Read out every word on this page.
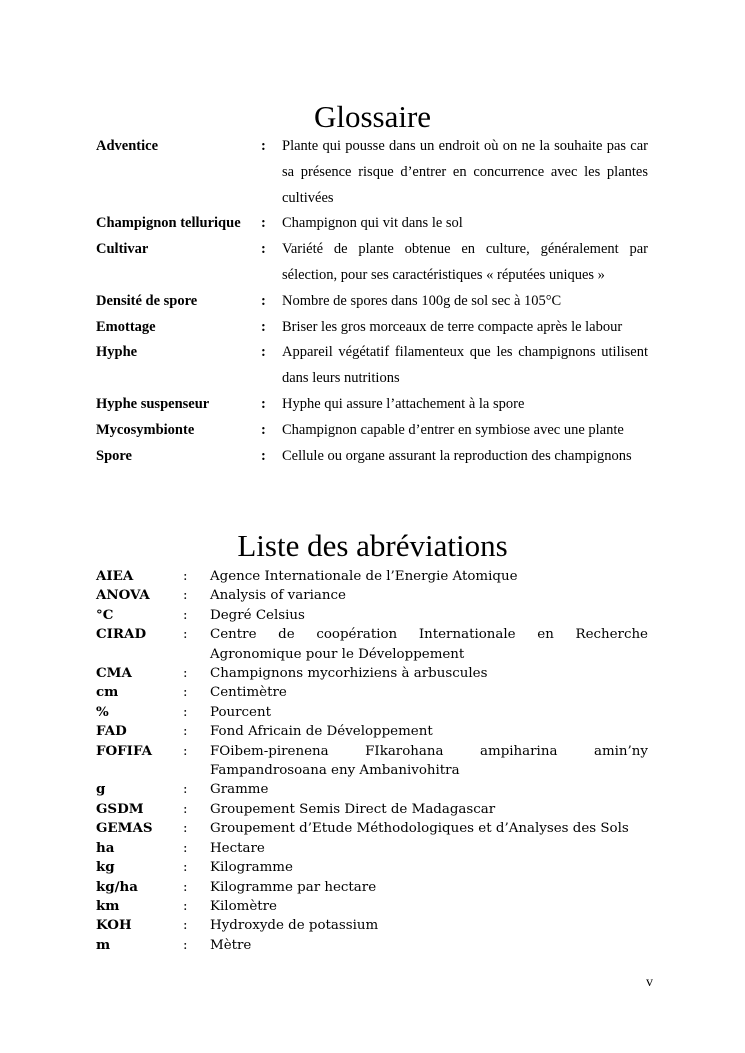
Glossaire
Adventice	:	Plante qui pousse dans un endroit où on ne la souhaite pas car sa présence risque d’entrer en concurrence avec les plantes cultivées
Champignon tellurique	:	Champignon qui vit dans le sol
Cultivar	:	Variété de plante obtenue en culture, généralement par sélection, pour ses caractéristiques « réputées uniques »
Densité de spore	:	Nombre de spores dans 100g de sol sec à 105°C
Emottage	:	Briser les gros morceaux de terre compacte après le labour
Hyphe	:	Appareil végétatif filamenteux que les champignons utilisent dans leurs nutritions
Hyphe suspenseur	:	Hyphe qui assure l’attachement à la spore
Mycosymbionte	:	Champignon capable d’entrer en symbiose avec une plante
Spore	:	Cellule ou organe assurant la reproduction des champignons
Liste des abréviations
AIEA	:	Agence Internationale de l’Energie Atomique
ANOVA	:	Analysis of variance
°C	:	Degré Celsius
CIRAD	:	Centre de coopération Internationale en Recherche Agronomique pour le Développement
CMA	:	Champignons mycorhiziens à arbuscules
cm	:	Centimètre
%	:	Pourcent
FAD	:	Fond Africain de Développement
FOFIFA	:	FOibem-pirenena FIkarohana ampiharina amin’ny Fampandrosoana eny Ambanivohitra
g	:	Gramme
GSDM	:	Groupement Semis Direct de Madagascar
GEMAS	:	Groupement d’Etude Méthodologiques et d’Analyses des Sols
ha	:	Hectare
kg	:	Kilogramme
kg/ha	:	Kilogramme par hectare
km	:	Kilomètre
KOH	:	Hydroxyde de potassium
m	:	Mètre
v
